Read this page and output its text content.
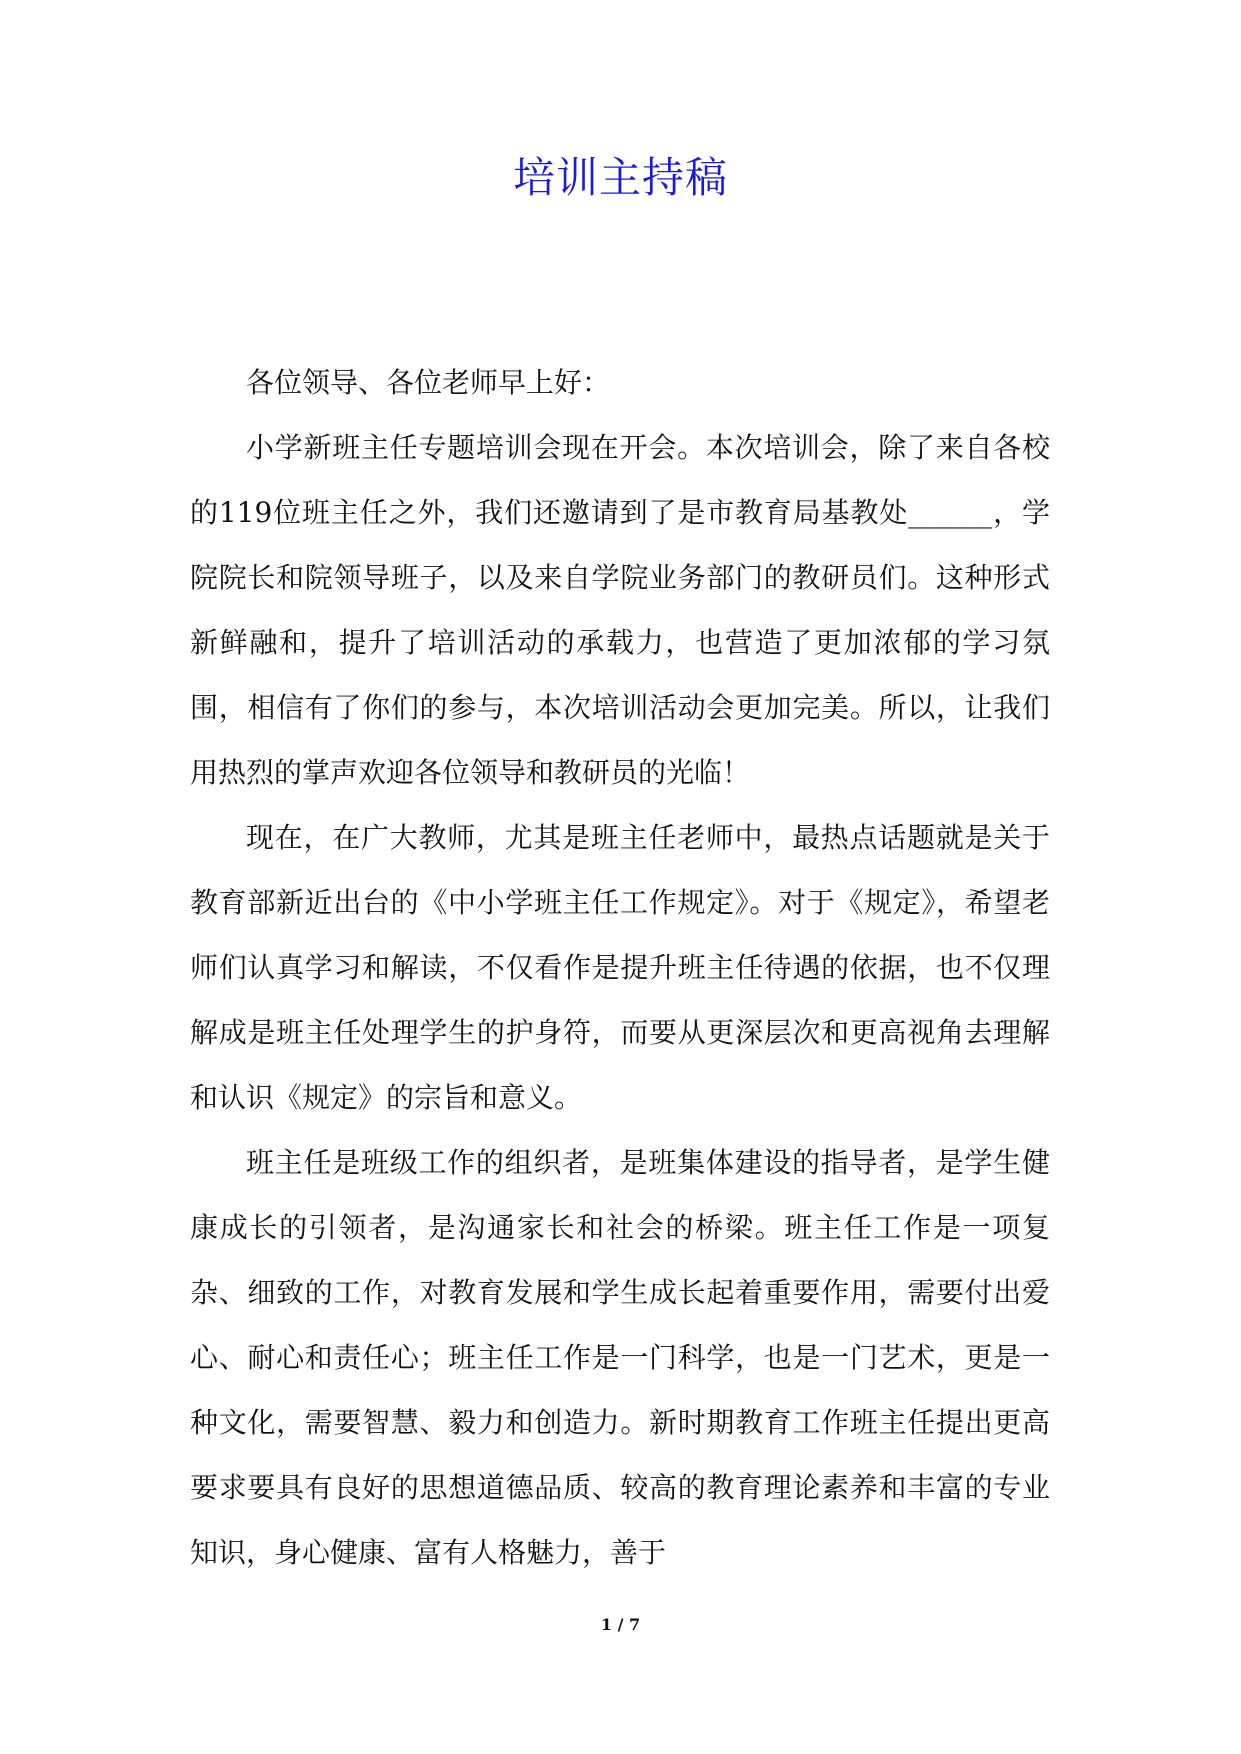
培训主持稿

各位领导、各位老师早上好：

小学新班主任专题培训会现在开会。本次培训会，除了来自各校的119位班主任之外，我们还邀请到了是市教育局基教处______，学院院长和院领导班子，以及来自学院业务部门的教研员们。这种形式新鲜融和，提升了培训活动的承载力，也营造了更加浓郁的学习氛围，相信有了你们的参与，本次培训活动会更加完美。所以，让我们用热烈的掌声欢迎各位领导和教研员的光临！

现在，在广大教师，尤其是班主任老师中，最热点话题就是关于教育部新近出台的《中小学班主任工作规定》。对于《规定》，希望老师们认真学习和解读，不仅看作是提升班主任待遇的依据，也不仅理解成是班主任处理学生的护身符，而要从更深层次和更高视角去理解和认识《规定》的宗旨和意义。

班主任是班级工作的组织者，是班集体建设的指导者，是学生健康成长的引领者，是沟通家长和社会的桥梁。班主任工作是一项复杂、细致的工作，对教育发展和学生成长起着重要作用，需要付出爱心、耐心和责任心；班主任工作是一门科学，也是一门艺术，更是一种文化，需要智慧、毅力和创造力。新时期教育工作班主任提出更高要求要具有良好的思想道德品质、较高的教育理论素养和丰富的专业知识，身心健康、富有人格魅力，善于

1 / 7
